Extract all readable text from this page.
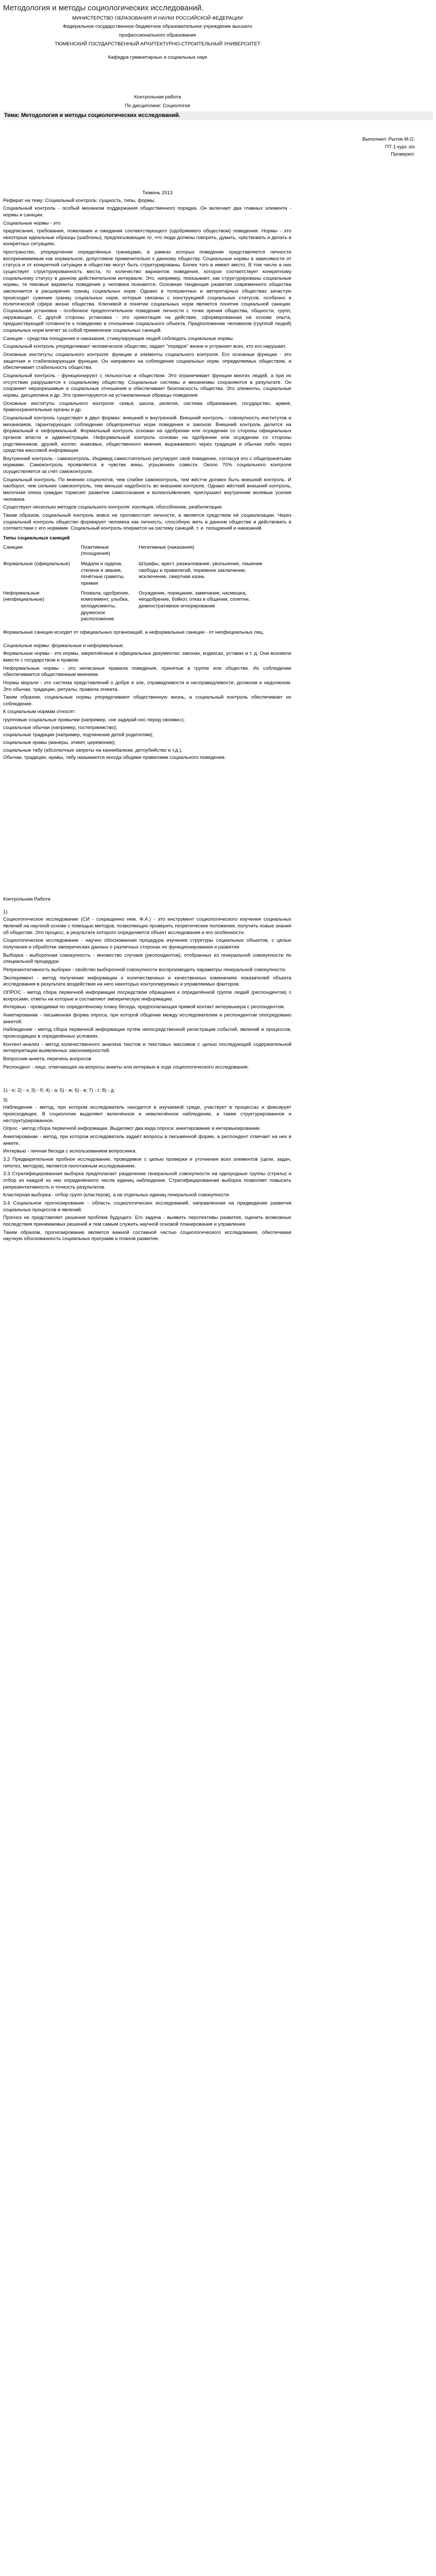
Методология и методы социологических исследований.

МИНИСТЕРСТВО ОБРАЗОВАНИЯ И НАУКИ РОССИЙСКОЙ ФЕДЕРАЦИИ

Федеральное государственное бюджетное образовательное учреждение высшего

профессионального образования

ТЮМЕНСКИЙ ГОСУДАРСТВЕННЫЙ АРХИТЕКТУРНО-СТРОИТЕЛЬНЫЙ УНИВЕРСИТЕТ

Кафедра гуманитарных и социальных наук

Контрольная работа

По дисциплине: Социология

Тема: Методология и методы социологических исследований.

Выполнил: Рытов М.О.

ПТ 1 курс з/о

Проверил:

Тюмень 2013

Реферат на тему: Социальный контроль: сущность, типы, формы.

Социальный контроль - особый механизм поддержания общественного порядка. Он включает два главных элемента - нормы и санкции.

Социальные нормы - это

предписания, требования, пожелания и ожидания соответствующего (одобряемого обществом) поведения. Нормы - это некоторые идеальные образцы (шаблоны), предписывающие то, что люди должны говорить, думать, чувствовать и делать в конкретных ситуациях.

пространство, упорядочение определённых границами, в рамках которых поведение представляется личности воспринимаемым как нормальное, допустимое применительно к данному обществу. Социальные нормы в зависимости от статуса и от конкретной ситуации в обществе могут быть структурированы. Более того в имеют место, В том числе в них существует структурированность места, то количество вариантов поведения, которое соответствует конкретному социальному статусу в данном действительном интервале. Это, например, показывает, как структурированы социальные нормы, те пиковые варианты поведения у человека познаются. Основная тенденция развития современного общества заключается в расширении границ социальных норм. Однако в толерантных и авторитарных обществах зачастую происходит сужение границ социальных норм, которые связаны с конструкцией социальных статусов, особенно в политической сфере жизни общества. Ключевой в понятии социальных норм является понятие социальной санкции. Социальная установка - особенное предпочтительное поведение личности с точки зрения общества, общности, групп, окружающих. С другой стороны установка - это ориентация на действие, сформированная на основе опыта, предшествующей готовности к поведению в отношении социального объекта. Предположение человеком (группой людей) социальных норм влечет за собой применение социальных санкций.

Санкции - средства поощрения и наказания, стимулирующие людей соблюдать социальные нормы.

Социальный контроль упорядочивает человеческое общество, задает "порядок" жизни и устраняет всех, кто его нарушает.

Основные институты социального контроля: функции и элементы социального контроля. Его основные функции - это защитная и стабилизирующая функции. Он направлен на соблюдение социальных норм, определяемых обществом, и обеспечивает стабильность общества.

Социальный контроль - функционируют с тельностью и обществом. Это ограничивает функции многих людей, а при их отсутствии разрушается к социальному обществу. Социальные системы и механизмы сохраняются в результате. Он сохраняет неразрешимые и социальные отношения и обеспечивает безопасность общества. Это элементы, социальные нормы, дисциплина и др. Это ориентируются на установленные образцы поведения.

Основные институты социального контроля: семья, школа, религия, система образования, государство, армия, правоохранительные органы и др.

Социальный контроль существует в двух формах: внешний и внутренний. Внешний контроль - совокупность институтов и механизмов, гарантирующих соблюдение общепринятых норм поведения и законов. Внешний контроль делится на формальный и неформальный. Формальный контроль основан на одобрении или осуждении со стороны официальных органов власти и администрации. Неформальный контроль основан на одобрении или осуждении со стороны родственников, друзей, коллег, знакомых, общественного мнения, выражаемого через традиции и обычаи либо через средства массовой информации.

Внутренний контроль - самоконтроль. Индивид самостоятельно регулирует своё поведение, согласуя его с общепринятыми нормами. Самоконтроль проявляется в чувстве вины, угрызениях совести. Около 70% социального контроля осуществляется за счёт самоконтроля.

Социальный контроль. По мнению социологов, чем слабее самоконтроль, тем жёстче должен быть внешний контроль. И наоборот, чем сильнее самоконтроль, тем меньше надобность во внешнем контроле. Однако жёсткий внешний контроль, мелочная опека граждан тормозят развитие самосознания и волеизъявления, приглушают внутренние волевые усилия человека.

Существуют несколько методов социального контроля: изоляция, обособление, реабилитация.

Таким образом, социальный контроль вовсе не противостоит личности, а является средством её социализации. Через социальный контроль общество формирует человека как личность, способную жить в данном обществе и действовать в соответствии с его нормами. Социальный контроль опирается на систему санкций, т. е. поощрений и наказаний.

Типы социальных санкций

Санкции	Позитивные (поощрения)	Негативные (наказания)
Формальные (официальные)	Медали и ордена, степени и звания, почётные грамоты, премии	Штрафы, арест, разжалование, увольнение, лишение свободы и привилегий, тюремное заключение, исключение, смертная казнь
Неформальные (неофициальные)	Похвала, одобрение, комплимент, улыбка, аплодисменты, дружеское расположение	Осуждение, порицание, замечание, насмешка, неодобрение, бойкот, отказ в общении, сплетни, демонстративное игнорирование

Формальные санкции исходят от официальных организаций, а неформальные санкции - от неофициальных лиц.

Социальные нормы: формальные и неформальные.

Формальные нормы - это нормы, закреплённые в официальных документах: законах, кодексах, уставах и т. д. Они возникли вместе с государством и правом.

Неформальные нормы - это неписаные правила поведения, принятые в группе или обществе. Их соблюдение обеспечивается общественным мнением.

Нормы морали - это система представлений о добре и зле, справедливости и несправедливости, должном и недолжном. Это обычаи, традиции, ритуалы, правила этикета.

Таким образом, социальные нормы упорядочивают общественную жизнь, а социальный контроль обеспечивает их соблюдение.

К социальным нормам относят:

групповые социальные привычки (например, «не задирай нос перед своими»);

социальные обычаи (например, гостеприимство);

социальные традиции (например, подчинение детей родителям);

социальные нравы (манеры, этикет, церемонии);

социальные табу (абсолютные запреты на каннибализм, детоубийство и т.д.).

Обычаи, традиции, нравы, табу называются иногда общими правилами социального поведения.

Контрольная Работа

1)

Социологическое исследование (СИ - сокращенно нем. Ф.А.) - это инструмент социологического изучения социальных явлений на научной основе с помощью методов, позволяющих проверить теоретические положения, получить новые знания об обществе. Это процесс, в результате которого определяется объект исследования и его особенности.

Социологическое исследование - научно обоснованная процедура изучения структуры социальных объектов, с целью получения и обработки эмпирических данных о различных сторонах их функционирования и развития.

Выборка - выборочная совокупность - множество случаев (респондентов), отобранных из генеральной совокупности по специальной процедуре.

Репрезентативность выборки - свойство выборочной совокупности воспроизводить параметры генеральной совокупности.

Эксперимент - метод получения информации о количественных и качественных изменениях показателей объекта исследования в результате воздействия на него некоторых контролируемых и управляемых факторов.

ОПРОС - метод сбора первичной информации посредством обращения к определённой группе людей (респондентов) с вопросами, ответы на которые и составляют эмпирическую информацию.

Интервью - проводимая по определённому плану беседа, предполагающая прямой контакт интервьюера с респондентом.

Анкетирование - письменная форма опроса, при которой общение между исследователем и респондентом опосредовано анкетой.

Наблюдение - метод сбора первичной информации путём непосредственной регистрации событий, явлений и процессов, происходящих в определённых условиях.

Контент-анализ - метод количественного анализа текстов и текстовых массивов с целью последующей содержательной интерпретации выявленных закономерностей.

Вопросник-анкета, перечень вопросов

Респондент - лицо, отвечающее на вопросы анкеты или интервью в ходе социологического исследования.

1) - е; 2) - з; 3) - б; 4) - а; 5) - ж; 6) - в; 7) - г; 8) - д.

3)

Наблюдение - метод, при котором исследователь находится в изучаемой среде, участвует в процессах и фиксирует происходящее. В социологии выделяют включённое и невключённое наблюдение, а также структурированное и неструктурированное.

Опрос - метод сбора первичной информации. Выделяют два вида опроса: анкетирование и интервьюирование.

Анкетирование - метод, при котором исследователь задаёт вопросы в письменной форме, а респондент отвечает на них в анкете.

Интервью - личная беседа с использованием вопросника.

3.2 Предварительное пробное исследование, проводимое с целью проверки и уточнения всех элементов (цели, задач, гипотез, методов), является пилотажным исследованием.

3.3 Стратифицированная выборка предполагает разделение генеральной совокупности на однородные группы (страты) и отбор из каждой из них определённого числа единиц наблюдения. Стратифицированная выборка позволяет повысить репрезентативность и точность результатов.

Кластерная выборка - отбор групп (кластеров), а не отдельных единиц генеральной совокупности.

3.4 Социальное прогнозирование - область социологических исследований, направленная на предвидение развития социальных процессов и явлений.

Прогноз не представляет решения проблем будущего. Его задача - выявить перспективы развития, оценить возможные последствия принимаемых решений и тем самым служить научной основой планирования и управления.

Таким образом, прогнозирование является важной составной частью социологического исследования, обеспечивая научную обоснованность социальных программ и планов развития.
